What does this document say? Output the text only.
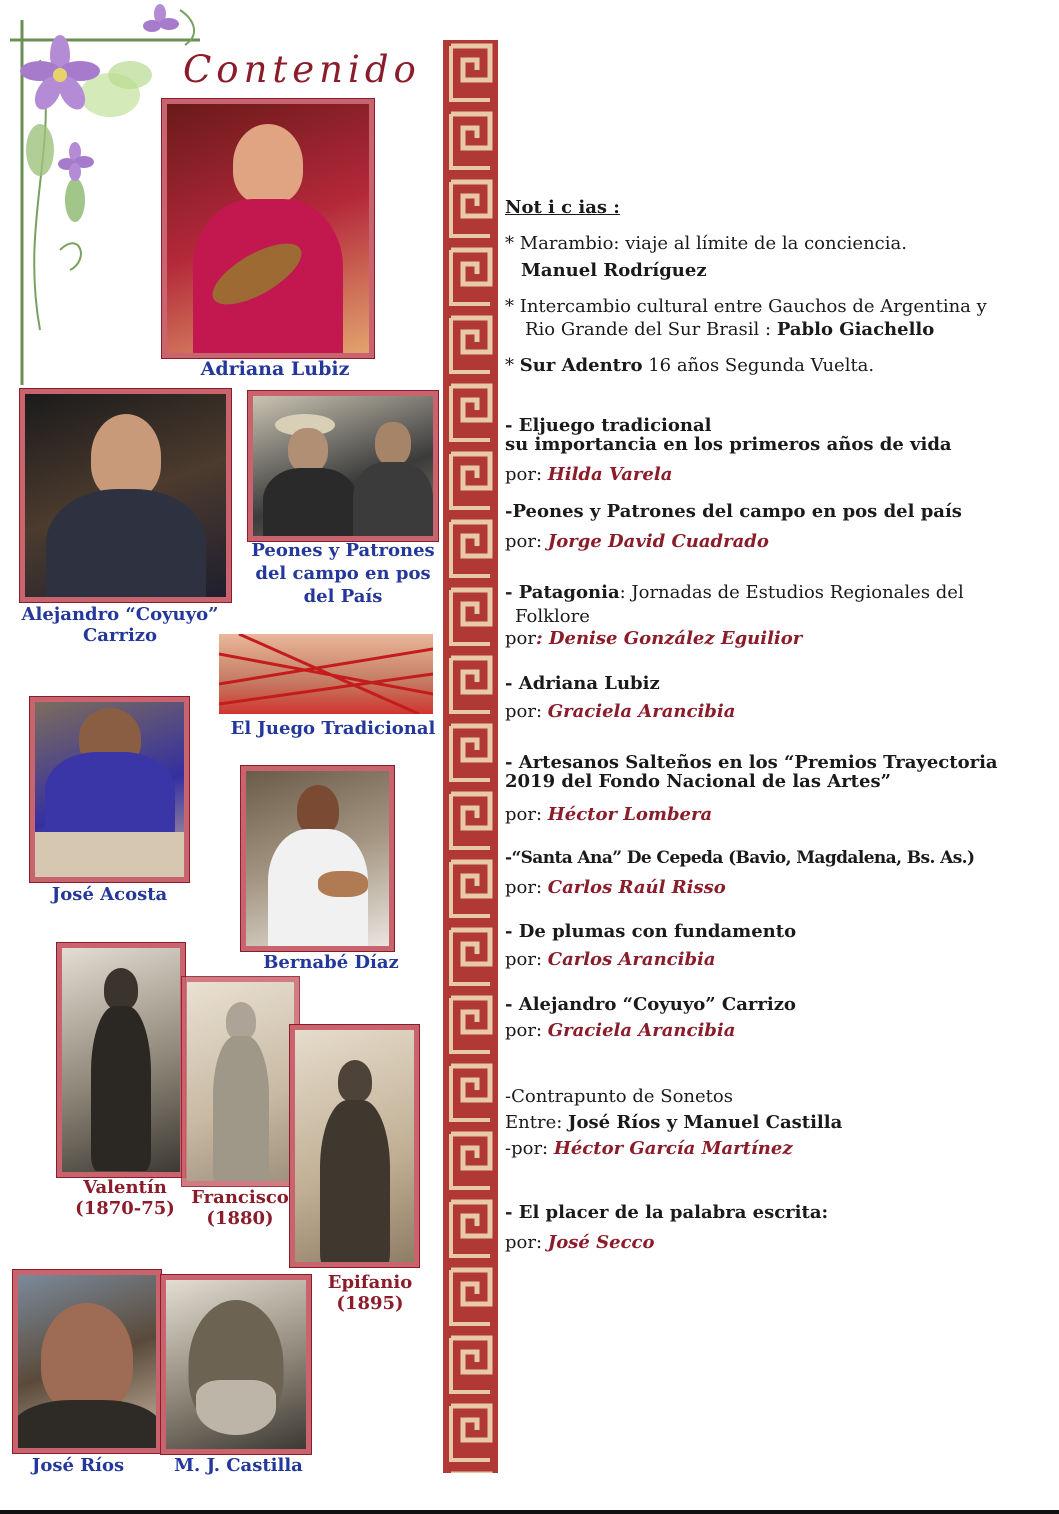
Contenido
Adriana Lubiz
Alejandro “Coyuyo”
Carrizo
Peones y Patrones
del campo en pos
del País
El Juego Tradicional
José Acosta
Bernabé Díaz
Valentín
(1870-75)
Francisco
(1880)
Epifanio
(1895)
José Ríos	M. J. Castilla
Not i c ias :
* Marambio: viaje al límite de la conciencia.
Manuel Rodríguez
* Intercambio cultural entre Gauchos de Argentina y
Rio Grande del Sur Brasil : Pablo Giachello
* Sur Adentro 16 años Segunda Vuelta.
- Eljuego tradicional
su importancia en los primeros años de vida
por: Hilda Varela
-Peones y Patrones del campo en pos del país
por: Jorge David Cuadrado
- Patagonia: Jornadas de Estudios Regionales del
Folklore
por: Denise González Eguilior
- Adriana Lubiz
por: Graciela Arancibia
- Artesanos Salteños en los “Premios Trayectoria
2019 del Fondo Nacional de las Artes”
por: Héctor Lombera
-“Santa Ana” De Cepeda (Bavio, Magdalena, Bs. As.)
por: Carlos Raúl Risso
- De plumas con fundamento
por: Carlos Arancibia
- Alejandro “Coyuyo” Carrizo
por: Graciela Arancibia
-Contrapunto de Sonetos
Entre: José Ríos y Manuel Castilla
-por: Héctor García Martínez
- El placer de la palabra escrita:
por: José Secco
